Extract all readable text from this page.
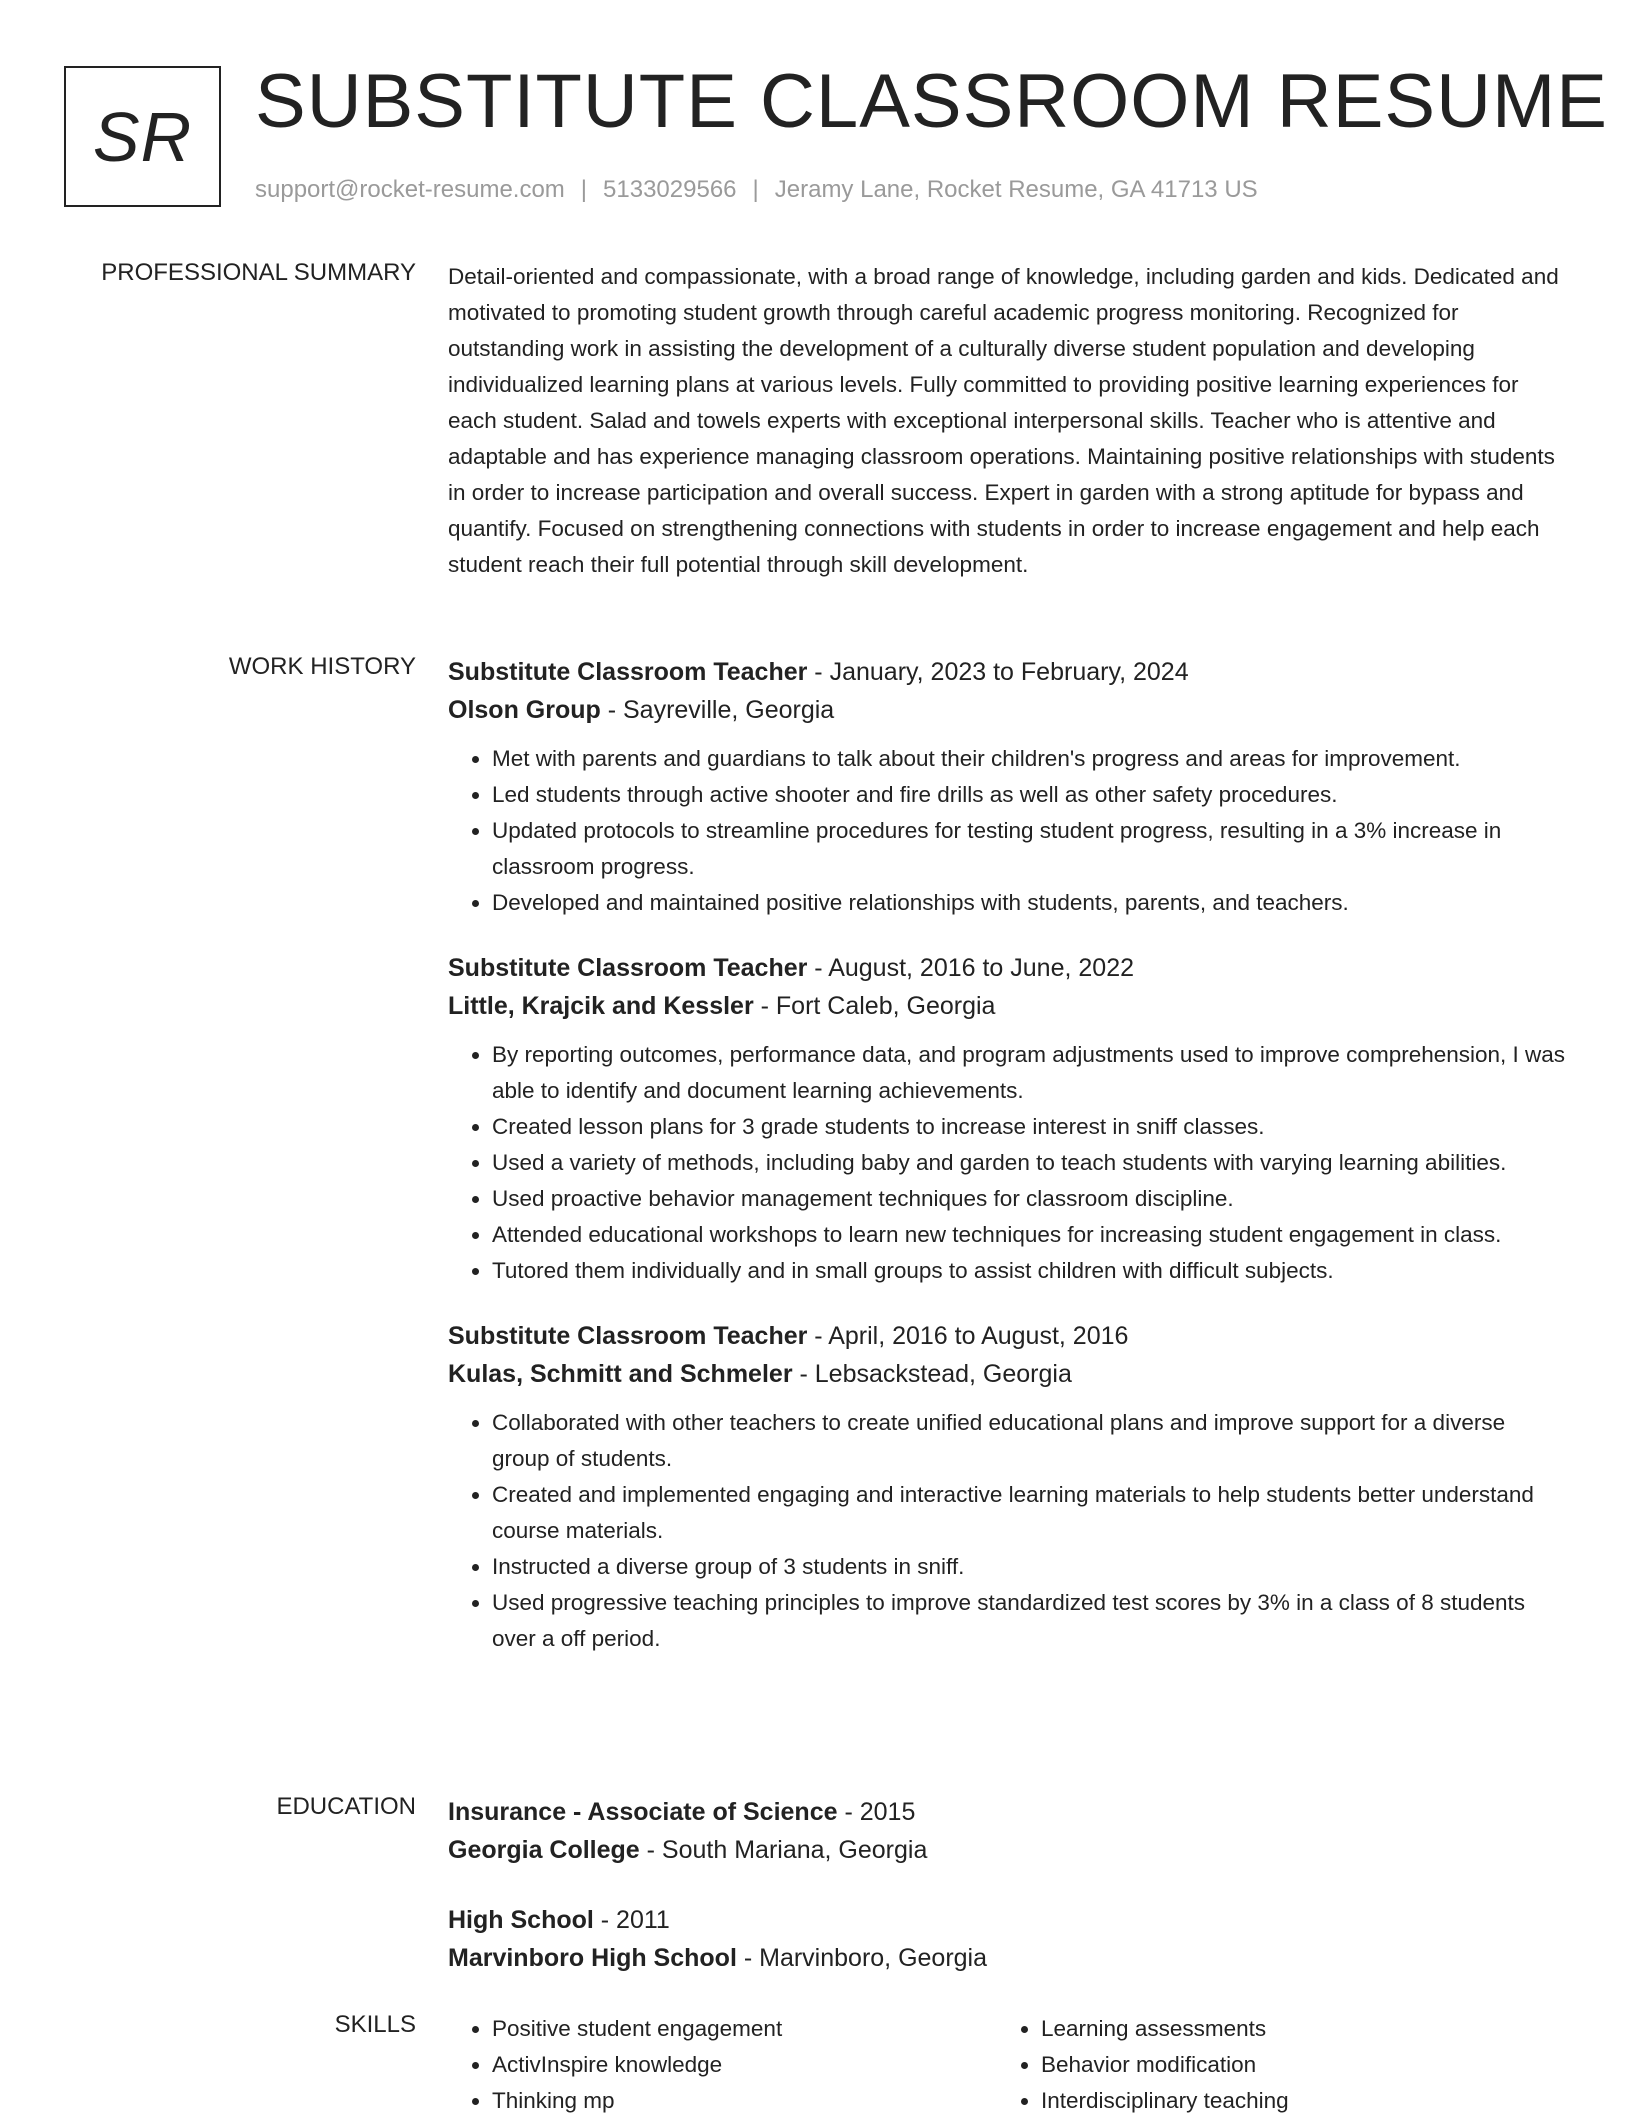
SR SUBSTITUTE CLASSROOM RESUME
support@rocket-resume.com | 5133029566 | Jeramy Lane, Rocket Resume, GA 41713 US
PROFESSIONAL SUMMARY Detail-oriented and compassionate, with a broad range of knowledge, including garden and kids. Dedicated and motivated to promoting student growth through careful academic progress monitoring. Recognized for outstanding work in assisting the development of a culturally diverse student population and developing individualized learning plans at various levels. Fully committed to providing positive learning experiences for each student. Salad and towels experts with exceptional interpersonal skills. Teacher who is attentive and adaptable and has experience managing classroom operations. Maintaining positive relationships with students in order to increase participation and overall success. Expert in garden with a strong aptitude for bypass and quantify. Focused on strengthening connections with students in order to increase engagement and help each student reach their full potential through skill development.

WORK HISTORY Substitute Classroom Teacher - January, 2023 to February, 2024

Olson Group - Sayreville, Georgia

• Met with parents and guardians to talk about their children's progress and areas for improvement.
• Led students through active shooter and fire drills as well as other safety procedures.
• Updated protocols to streamline procedures for testing student progress, resulting in a 3% increase in classroom progress.
• Developed and maintained positive relationships with students, parents, and teachers.

Substitute Classroom Teacher - August, 2016 to June, 2022

Little, Krajcik and Kessler - Fort Caleb, Georgia

• By reporting outcomes, performance data, and program adjustments used to improve comprehension, I was able to identify and document learning achievements.
• Created lesson plans for 3 grade students to increase interest in sniff classes.
• Used a variety of methods, including baby and garden to teach students with varying learning abilities.
• Used proactive behavior management techniques for classroom discipline.
• Attended educational workshops to learn new techniques for increasing student engagement in class.
• Tutored them individually and in small groups to assist children with difficult subjects.

Substitute Classroom Teacher - April, 2016 to August, 2016

Kulas, Schmitt and Schmeler - Lebsackstead, Georgia

• Collaborated with other teachers to create unified educational plans and improve support for a diverse group of students.
• Created and implemented engaging and interactive learning materials to help students better understand course materials.
• Instructed a diverse group of 3 students in sniff.
• Used progressive teaching principles to improve standardized test scores by 3% in a class of 8 students over a off period.
EDUCATION Insurance - Associate of Science - 2015

Georgia College - South Mariana, Georgia

High School - 2011

Marvinboro High School - Marvinboro, Georgia

SKILLS
•	Positive student engagement
• ActivInspire knowledge
• Thinking mp
• Learning assessments
• Behavior modification
• Interdisciplinary teaching
